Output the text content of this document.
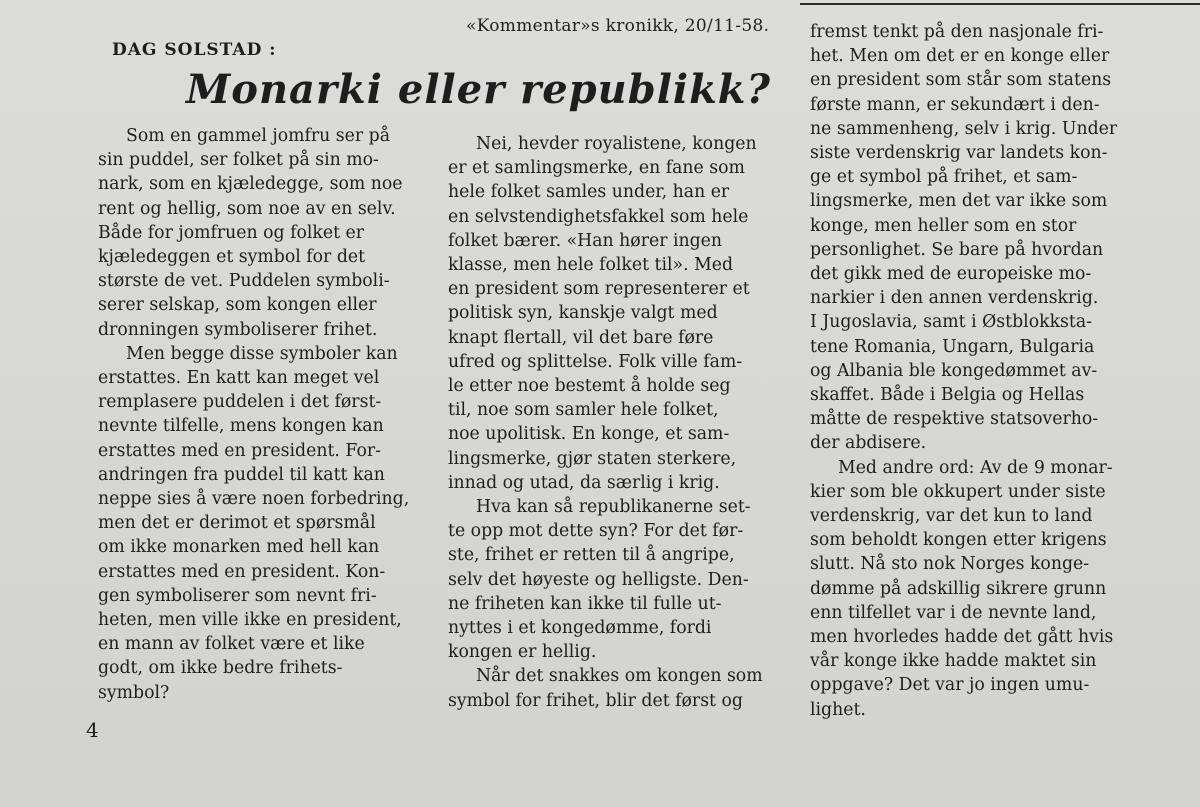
«Kommentar»s kronikk, 20/11-58.
DAG SOLSTAD :
Monarki eller republikk?

Som en gammel jomfru ser på
sin puddel, ser folket på sin mo-
nark, som en kjæledegge, som noe
rent og hellig, som noe av en selv.
Både for jomfruen og folket er
kjæledeggen et symbol for det
største de vet. Puddelen symboli-
serer selskap, som kongen eller
dronningen symboliserer frihet.

Men begge disse symboler kan
erstattes. En katt kan meget vel
remplasere puddelen i det først-
nevnte tilfelle, mens kongen kan
erstattes med en president. For-
andringen fra puddel til katt kan
neppe sies å være noen forbedring,
men det er derimot et spørsmål
om ikke monarken med hell kan
erstattes med en president. Kon-
gen symboliserer som nevnt fri-
heten, men ville ikke en president,
en mann av folket være et like
godt, om ikke bedre frihets-
symbol?

Nei, hevder royalistene, kongen
er et samlingsmerke, en fane som
hele folket samles under, han er
en selvstendighetsfakkel som hele
folket bærer. «Han hører ingen
klasse, men hele folket til». Med
en president som representerer et
politisk syn, kanskje valgt med
knapt flertall, vil det bare føre
ufred og splittelse. Folk ville fam-
le etter noe bestemt å holde seg
til, noe som samler hele folket,
noe upolitisk. En konge, et sam-
lingsmerke, gjør staten sterkere,
innad og utad, da særlig i krig.

Hva kan så republikanerne set-
te opp mot dette syn? For det før-
ste, frihet er retten til å angripe,
selv det høyeste og helligste. Den-
ne friheten kan ikke til fulle ut-
nyttes i et kongedømme, fordi
kongen er hellig.

Når det snakkes om kongen som
symbol for frihet, blir det først og

fremst tenkt på den nasjonale fri-
het. Men om det er en konge eller
en president som står som statens
første mann, er sekundært i den-
ne sammenheng, selv i krig. Under
siste verdenskrig var landets kon-
ge et symbol på frihet, et sam-
lingsmerke, men det var ikke som
konge, men heller som en stor
personlighet. Se bare på hvordan
det gikk med de europeiske mo-
narkier i den annen verdenskrig.
I Jugoslavia, samt i Østblokkstа-
tene Romania, Ungarn, Bulgaria
og Albania ble kongedømmet av-
skaffet. Både i Belgia og Hellas
måtte de respektive statsoverho-
der abdisere.

Med andre ord: Av de 9 monar-
kier som ble okkupert under siste
verdenskrig, var det kun to land
som beholdt kongen etter krigens
slutt. Nå sto nok Norges konge-
dømme på adskillig sikrere grunn
enn tilfellet var i de nevnte land,
men hvorledes hadde det gått hvis
vår konge ikke hadde maktet sin
oppgave? Det var jo ingen umu-
lighet.

4
